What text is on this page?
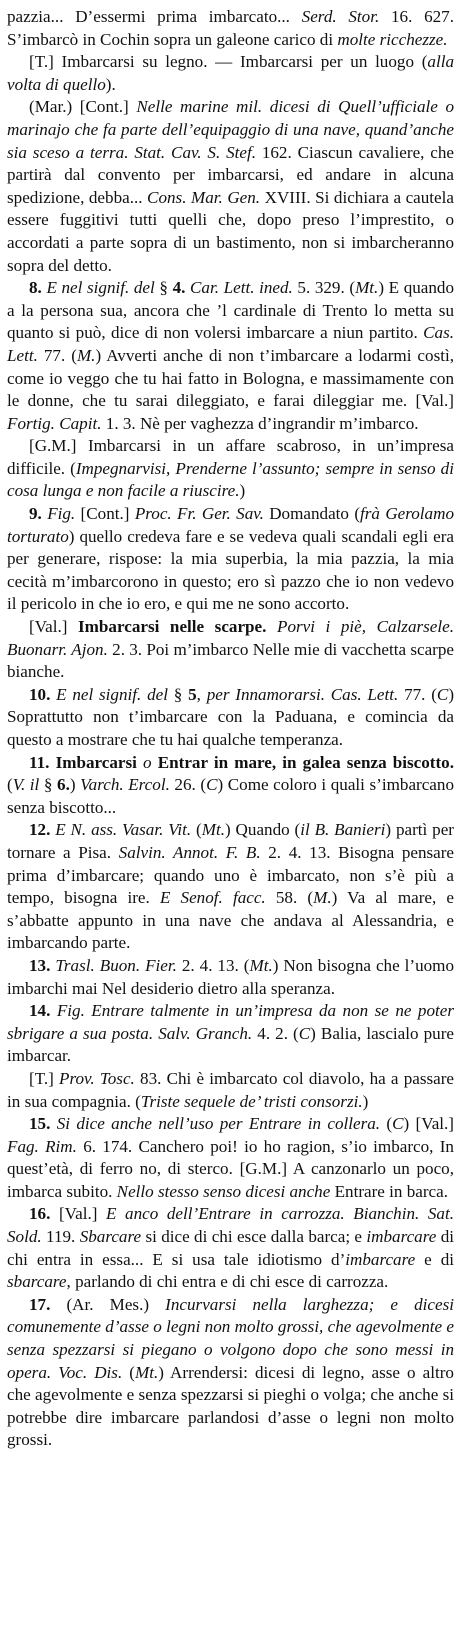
pazzia... D’essermi prima imbarcato... Serd. Stor. 16. 627. S’imbarcò in Cochin sopra un galeone carico di molte ricchezze.

[T.] Imbarcarsi su legno. — Imbarcarsi per un luogo (alla volta di quello).

(Mar.) [Cont.] Nelle marine mil. dicesi di Quell’ufficiale o marinajo che fa parte dell’equipaggio di una nave, quand’anche sia sceso a terra. Stat. Cav. S. Stef. 162. Ciascun cavaliere, che partirà dal convento per imbarcarsi, ed andare in alcuna spedizione, debba... Cons. Mar. Gen. XVIII. Si dichiara a cautela essere fuggitivi tutti quelli che, dopo preso l’imprestito, o accordati a parte sopra di un bastimento, non si imbarcheranno sopra del detto.

8. E nel signif. del § 4. Car. Lett. ined. 5. 329. (Mt.) E quando a la persona sua, ancora che ’l cardinale di Trento lo metta su quanto si può, dice di non volersi imbarcare a niun partito. Cas. Lett. 77. (M.) Avverti anche di non t’imbarcare a lodarmi costì, come io veggo che tu hai fatto in Bologna, e massimamente con le donne, che tu sarai dileggiato, e farai dileggiar me. [Val.] Fortig. Capit. 1. 3. Nè per vaghezza d’ingrandir m’imbarco.

[G.M.] Imbarcarsi in un affare scabroso, in un’impresa difficile. (Impegnarvisi, Prenderne l’assunto; sempre in senso di cosa lunga e non facile a riuscire.)

9. Fig. [Cont.] Proc. Fr. Ger. Sav. Domandato (frà Gerolamo torturato) quello credeva fare e se vedeva quali scandali egli era per generare, rispose: la mia superbia, la mia pazzia, la mia cecità m’imbarcorono in questo; ero sì pazzo che io non vedevo il pericolo in che io ero, e qui me ne sono accorto.

[Val.] Imbarcarsi nelle scarpe. Porvi i piè, Calzarsele. Buonarr. Ajon. 2. 3. Poi m’imbarco Nelle mie di vacchetta scarpe bianche.

10. E nel signif. del § 5, per Innamorarsi. Cas. Lett. 77. (C) Soprattutto non t’imbarcare con la Paduana, e comincia da questo a mostrare che tu hai qualche temperanza.

11. Imbarcarsi o Entrar in mare, in galea senza biscotto. (V. il § 6.) Varch. Ercol. 26. (C) Come coloro i quali s’imbarcano senza biscotto...

12. E N. ass. Vasar. Vit. (Mt.) Quando (il B. Banieri) partì per tornare a Pisa. Salvin. Annot. F. B. 2. 4. 13. Bisogna pensare prima d’imbarcare; quando uno è imbarcato, non s’è più a tempo, bisogna ire. E Senof. facc. 58. (M.) Va al mare, e s’abbatte appunto in una nave che andava al Alessandria, e imbarcando parte.

13. Trasl. Buon. Fier. 2. 4. 13. (Mt.) Non bisogna che l’uomo imbarchi mai Nel desiderio dietro alla speranza.

14. Fig. Entrare talmente in un’impresa da non se ne poter sbrigare a sua posta. Salv. Granch. 4. 2. (C) Balia, lascialo pure imbarcar.

[T.] Prov. Tosc. 83. Chi è imbarcato col diavolo, ha a passare in sua compagnia. (Triste sequele de’ tristi consorzi.)

15. Si dice anche nell’uso per Entrare in collera. (C) [Val.] Fag. Rim. 6. 174. Canchero poi! io ho ragion, s’io imbarco, In quest’età, di ferro no, di sterco. [G.M.] A canzonarlo un poco, imbarca subito. Nello stesso senso dicesi anche Entrare in barca.

16. [Val.] E anco dell’Entrare in carrozza. Bianchin. Sat. Sold. 119. Sbarcare si dice di chi esce dalla barca; e imbarcare di chi entra in essa... E si usa tale idiotismo d’imbarcare e di sbarcare, parlando di chi entra e di chi esce di carrozza.

17. (Ar. Mes.) Incurvarsi nella larghezza; e dicesi comunemente d’asse o legni non molto grossi, che agevolmente e senza spezzarsi si piegano o volgono dopo che sono messi in opera. Voc. Dis. (Mt.) Arrendersi: dicesi di legno, asse o altro che agevolmente e senza spezzarsi si pieghi o volga; che anche si potrebbe dire imbarcare parlandosi d’asse o legni non molto grossi.
